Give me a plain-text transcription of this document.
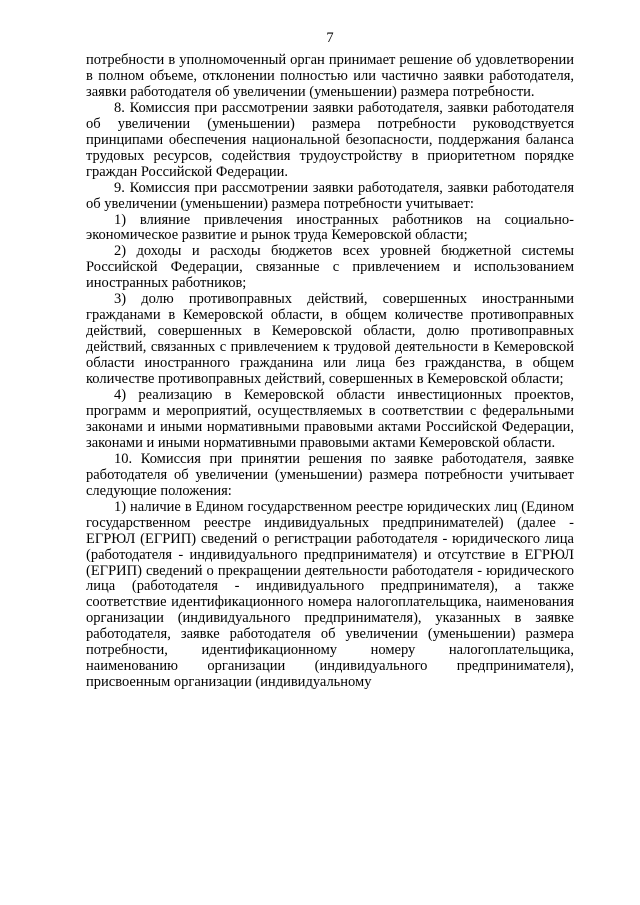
7

потребности в уполномоченный орган принимает решение об удовлетворении в полном объеме, отклонении полностью или частично заявки работодателя, заявки работодателя об увеличении (уменьшении) размера потребности.

8. Комиссия при рассмотрении заявки работодателя, заявки работодателя об увеличении (уменьшении) размера потребности руководствуется принципами обеспечения национальной безопасности, поддержания баланса трудовых ресурсов, содействия трудоустройству в приоритетном порядке граждан Российской Федерации.

9. Комиссия при рассмотрении заявки работодателя, заявки работодателя об увеличении (уменьшении) размера потребности учитывает:

1) влияние привлечения иностранных работников на социально-экономическое развитие и рынок труда Кемеровской области;

2) доходы и расходы бюджетов всех уровней бюджетной системы Российской Федерации, связанные с привлечением и использованием иностранных работников;

3) долю противоправных действий, совершенных иностранными гражданами в Кемеровской области, в общем количестве противоправных действий, совершенных в Кемеровской области, долю противоправных действий, связанных с привлечением к трудовой деятельности в Кемеровской области иностранного гражданина или лица без гражданства, в общем количестве противоправных действий, совершенных в Кемеровской области;

4) реализацию в Кемеровской области инвестиционных проектов, программ и мероприятий, осуществляемых в соответствии с федеральными законами и иными нормативными правовыми актами Российской Федерации, законами и иными нормативными правовыми актами Кемеровской области.

10. Комиссия при принятии решения по заявке работодателя, заявке работодателя об увеличении (уменьшении) размера потребности учитывает следующие положения:

1) наличие в Едином государственном реестре юридических лиц (Едином государственном реестре индивидуальных предпринимателей) (далее - ЕГРЮЛ (ЕГРИП) сведений о регистрации работодателя - юридического лица (работодателя - индивидуального предпринимателя) и отсутствие в ЕГРЮЛ (ЕГРИП) сведений о прекращении деятельности работодателя - юридического лица (работодателя - индивидуального предпринимателя), а также соответствие идентификационного номера налогоплательщика, наименования организации (индивидуального предпринимателя), указанных в заявке работодателя, заявке работодателя об увеличении (уменьшении) размера потребности, идентификационному номеру налогоплательщика, наименованию организации (индивидуального предпринимателя), присвоенным организации (индивидуальному
